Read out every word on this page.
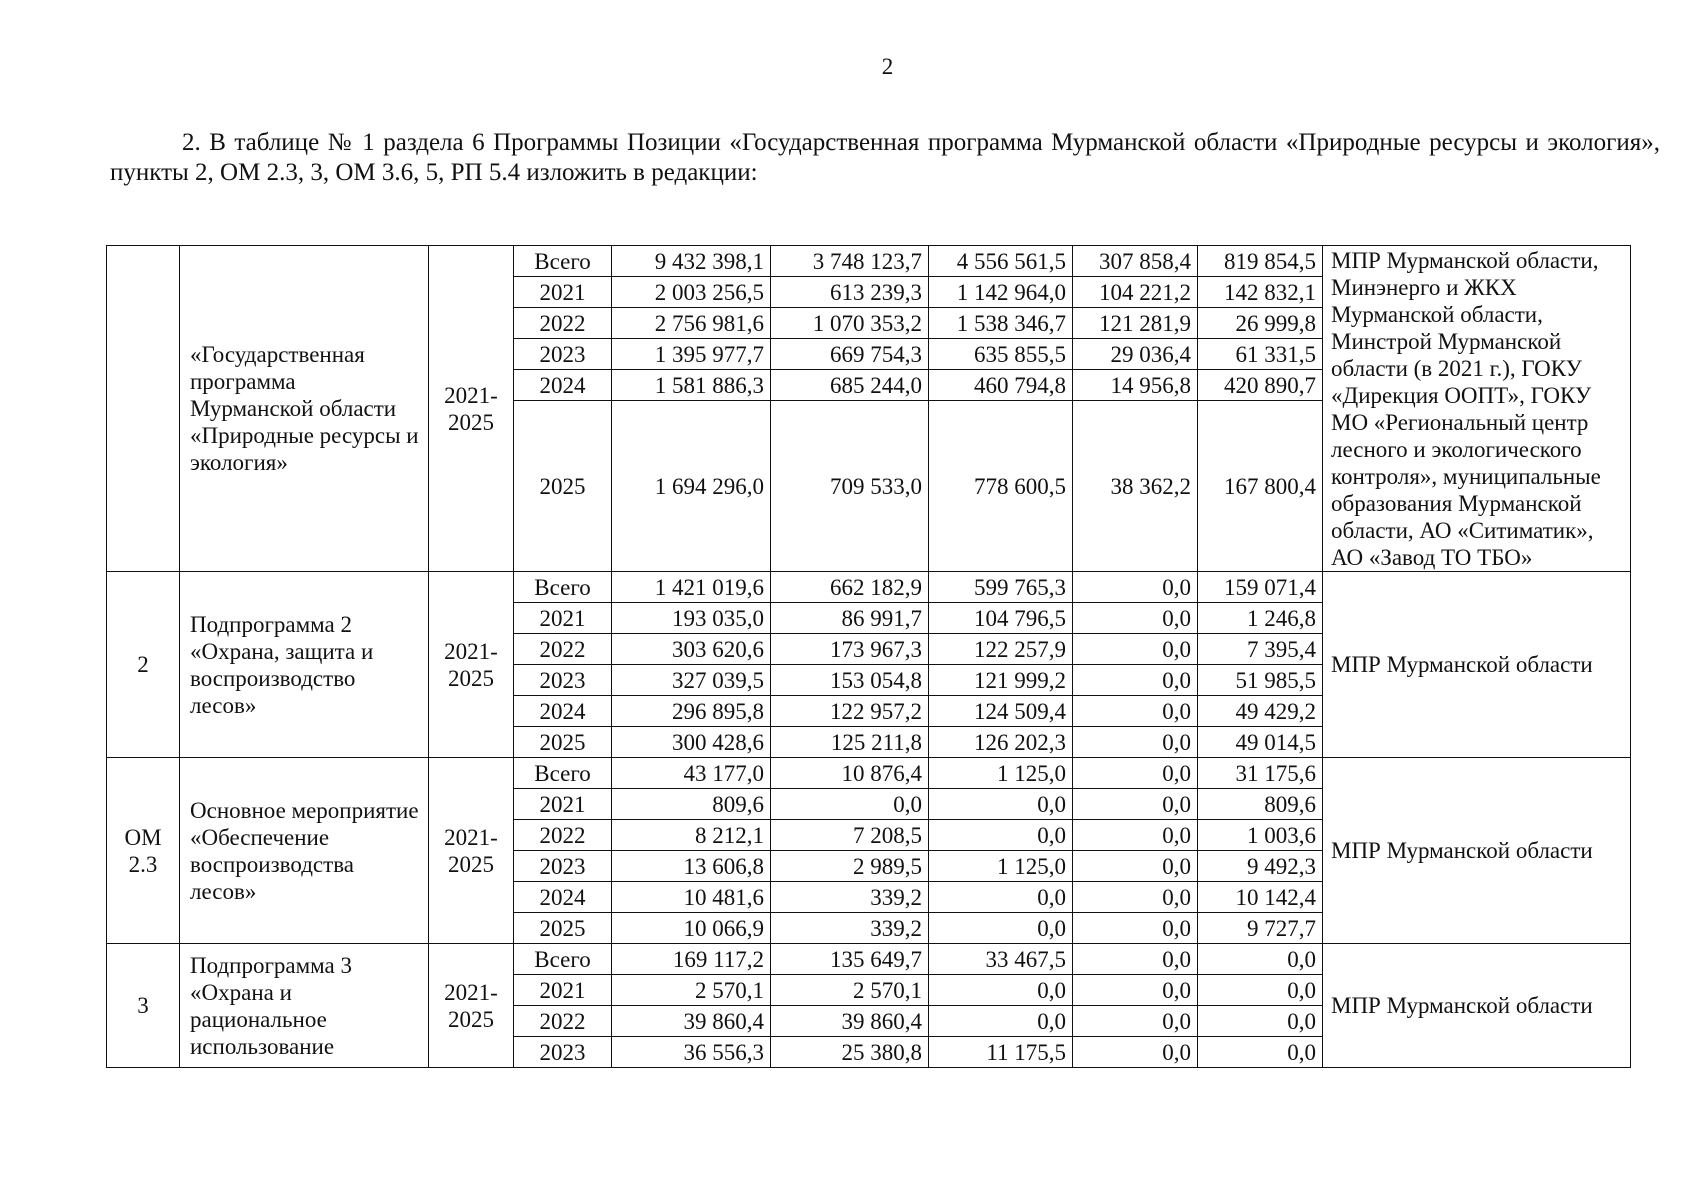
2

2. В таблице № 1 раздела 6 Программы Позиции «Государственная программа Мурманской области «Природные ресурсы и экология», пункты 2, ОМ 2.3, 3, ОМ 3.6, 5, РП 5.4 изложить в редакции:

	«Государственная программа Мурманской области «Природные ресурсы и экология»	2021-2025	Всего	9 432 398,1	3 748 123,7	4 556 561,5	307 858,4	819 854,5	МПР Мурманской области, Минэнерго и ЖКХ Мурманской области, Минстрой Мурманской области (в 2021 г.), ГОКУ «Дирекция ООПТ», ГОКУ МО «Региональный центр лесного и экологического контроля», муниципальные образования Мурманской области, АО «Ситиматик», АО «Завод ТО ТБО»
			2021	2 003 256,5	613 239,3	1 142 964,0	104 221,2	142 832,1	
			2022	2 756 981,6	1 070 353,2	1 538 346,7	121 281,9	26 999,8	
			2023	1 395 977,7	669 754,3	635 855,5	29 036,4	61 331,5	
			2024	1 581 886,3	685 244,0	460 794,8	14 956,8	420 890,7	
			2025	1 694 296,0	709 533,0	778 600,5	38 362,2	167 800,4	
2	Подпрограмма 2 «Охрана, защита и воспроизводство лесов»	2021-2025	Всего	1 421 019,6	662 182,9	599 765,3	0,0	159 071,4	МПР Мурманской области
			2021	193 035,0	86 991,7	104 796,5	0,0	1 246,8	
			2022	303 620,6	173 967,3	122 257,9	0,0	7 395,4	
			2023	327 039,5	153 054,8	121 999,2	0,0	51 985,5	
			2024	296 895,8	122 957,2	124 509,4	0,0	49 429,2	
			2025	300 428,6	125 211,8	126 202,3	0,0	49 014,5	
ОМ 2.3	Основное мероприятие «Обеспечение воспроизводства лесов»	2021-2025	Всего	43 177,0	10 876,4	1 125,0	0,0	31 175,6	МПР Мурманской области
			2021	809,6	0,0	0,0	0,0	809,6	
			2022	8 212,1	7 208,5	0,0	0,0	1 003,6	
			2023	13 606,8	2 989,5	1 125,0	0,0	9 492,3	
			2024	10 481,6	339,2	0,0	0,0	10 142,4	
			2025	10 066,9	339,2	0,0	0,0	9 727,7	
3	Подпрограмма 3 «Охрана и рациональное использование	2021-2025	Всего	169 117,2	135 649,7	33 467,5	0,0	0,0	МПР Мурманской области
			2021	2 570,1	2 570,1	0,0	0,0	0,0	
			2022	39 860,4	39 860,4	0,0	0,0	0,0	
			2023	36 556,3	25 380,8	11 175,5	0,0	0,0	
